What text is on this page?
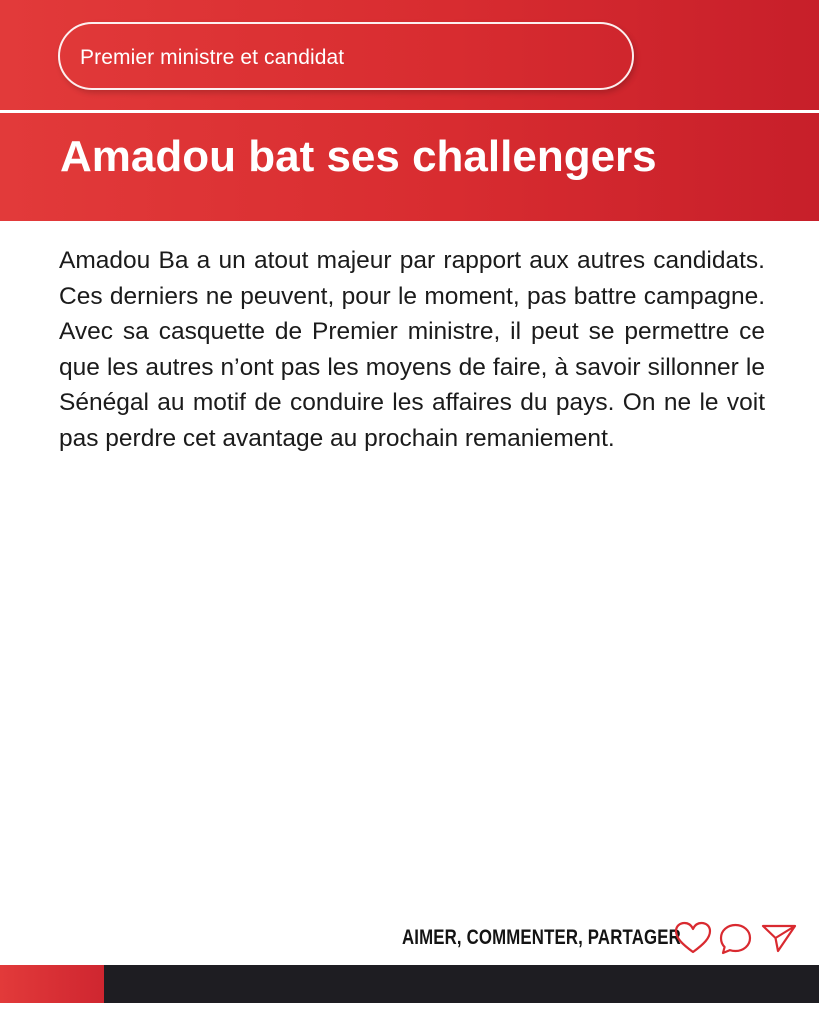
Premier ministre et candidat
Amadou bat ses challengers

Amadou Ba a un atout majeur par rapport aux autres candidats. Ces derniers ne peuvent, pour le moment, pas battre campagne. Avec sa casquette de Premier ministre, il peut se permettre ce que les autres n’ont pas les moyens de faire, à savoir sillonner le Sénégal au motif de conduire les affaires du pays. On ne le voit pas perdre cet avantage au prochain remaniement.

AIMER, COMMENTER, PARTAGER
